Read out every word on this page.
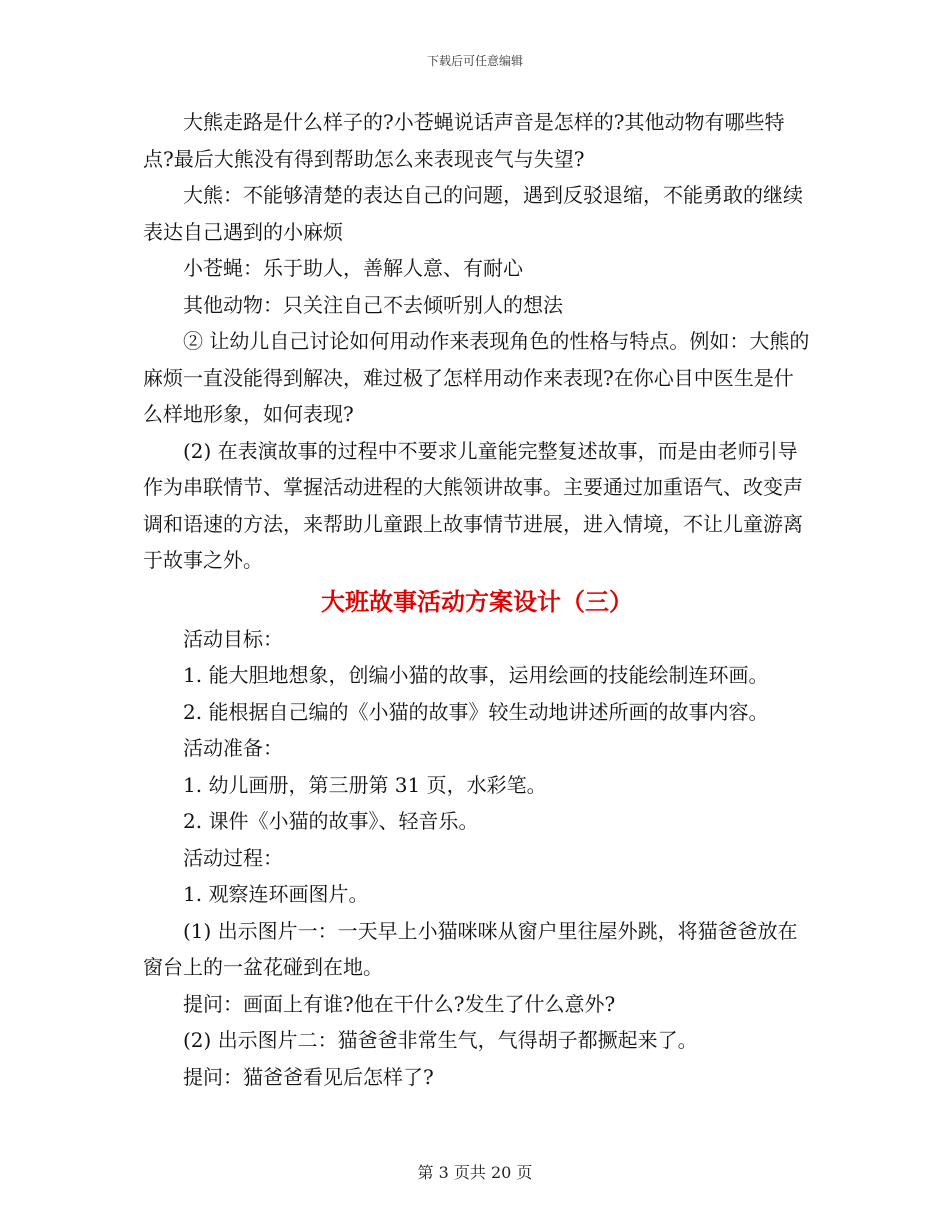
下载后可任意编辑

大熊走路是什么样子的?小苍蝇说话声音是怎样的?其他动物有哪些特点?最后大熊没有得到帮助怎么来表现丧气与失望?

大熊：不能够清楚的表达自己的问题，遇到反驳退缩，不能勇敢的继续表达自己遇到的小麻烦

小苍蝇：乐于助人，善解人意、有耐心

其他动物：只关注自己不去倾听别人的想法

② 让幼儿自己讨论如何用动作来表现角色的性格与特点。例如：大熊的麻烦一直没能得到解决，难过极了怎样用动作来表现?在你心目中医生是什么样地形象，如何表现?

(2) 在表演故事的过程中不要求儿童能完整复述故事，而是由老师引导作为串联情节、掌握活动进程的大熊领讲故事。主要通过加重语气、改变声调和语速的方法，来帮助儿童跟上故事情节进展，进入情境，不让儿童游离于故事之外。

大班故事活动方案设计（三）

活动目标：

1. 能大胆地想象，创编小猫的故事，运用绘画的技能绘制连环画。

2. 能根据自己编的《小猫的故事》较生动地讲述所画的故事内容。

活动准备：

1. 幼儿画册，第三册第 31 页，水彩笔。

2. 课件《小猫的故事》、轻音乐。

活动过程：

1. 观察连环画图片。

(1) 出示图片一：一天早上小猫咪咪从窗户里往屋外跳，将猫爸爸放在窗台上的一盆花碰到在地。

提问：画面上有谁?他在干什么?发生了什么意外?

(2) 出示图片二：猫爸爸非常生气，气得胡子都撅起来了。

提问：猫爸爸看见后怎样了?

第 3 页共 20 页
